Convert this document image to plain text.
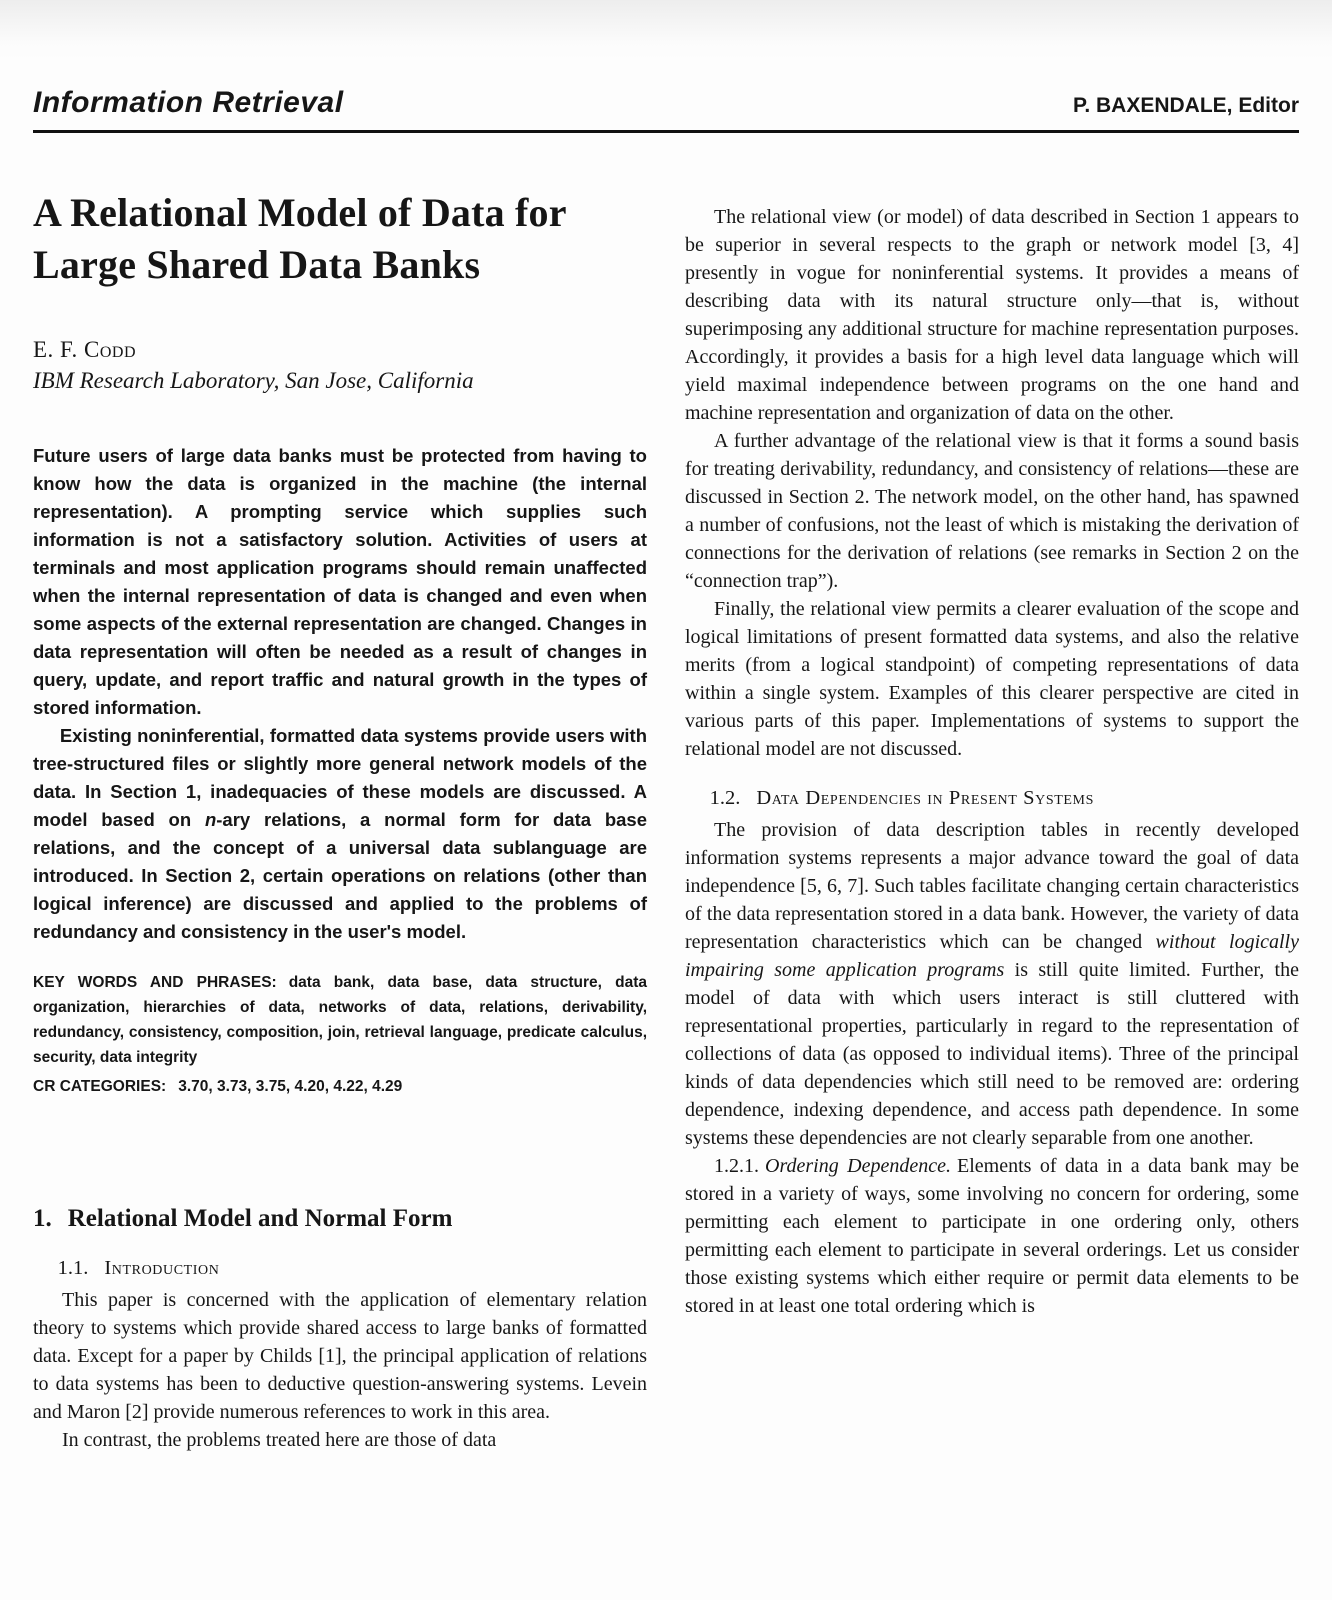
Information Retrieval	P. BAXENDALE, Editor
A Relational Model of Data for
Large Shared Data Banks
E. F. Codd
IBM Research Laboratory, San Jose, California

Future users of large data banks must be protected from having to know how the data is organized in the machine (the internal representation). A prompting service which supplies such information is not a satisfactory solution. Activities of users at terminals and most application programs should remain unaffected when the internal representation of data is changed and even when some aspects of the external representation are changed. Changes in data representation will often be needed as a result of changes in query, update, and report traffic and natural growth in the types of stored information.

Existing noninferential, formatted data systems provide users with tree-structured files or slightly more general network models of the data. In Section 1, inadequacies of these models are discussed. A model based on n-ary relations, a normal form for data base relations, and the concept of a universal data sublanguage are introduced. In Section 2, certain operations on relations (other than logical inference) are discussed and applied to the problems of redundancy and consistency in the user's model.

KEY WORDS AND PHRASES: data bank, data base, data structure, data organization, hierarchies of data, networks of data, relations, derivability, redundancy, consistency, composition, join, retrieval language, predicate calculus, security, data integrity

CR CATEGORIES: 3.70, 3.73, 3.75, 4.20, 4.22, 4.29

1. Relational Model and Normal Form
1.1. Introduction

This paper is concerned with the application of elementary relation theory to systems which provide shared access to large banks of formatted data. Except for a paper by Childs [1], the principal application of relations to data systems has been to deductive question-answering systems. Levein and Maron [2] provide numerous references to work in this area.

In contrast, the problems treated here are those of data

The relational view (or model) of data described in Section 1 appears to be superior in several respects to the graph or network model [3, 4] presently in vogue for noninferential systems. It provides a means of describing data with its natural structure only—that is, without superimposing any additional structure for machine representation purposes. Accordingly, it provides a basis for a high level data language which will yield maximal independence between programs on the one hand and machine representation and organization of data on the other.

A further advantage of the relational view is that it forms a sound basis for treating derivability, redundancy, and consistency of relations—these are discussed in Section 2. The network model, on the other hand, has spawned a number of confusions, not the least of which is mistaking the derivation of connections for the derivation of relations (see remarks in Section 2 on the “connection trap”).

Finally, the relational view permits a clearer evaluation of the scope and logical limitations of present formatted data systems, and also the relative merits (from a logical standpoint) of competing representations of data within a single system. Examples of this clearer perspective are cited in various parts of this paper. Implementations of systems to support the relational model are not discussed.

1.2. Data Dependencies in Present Systems

The provision of data description tables in recently developed information systems represents a major advance toward the goal of data independence [5, 6, 7]. Such tables facilitate changing certain characteristics of the data representation stored in a data bank. However, the variety of data representation characteristics which can be changed without logically impairing some application programs is still quite limited. Further, the model of data with which users interact is still cluttered with representational properties, particularly in regard to the representation of collections of data (as opposed to individual items). Three of the principal kinds of data dependencies which still need to be removed are: ordering dependence, indexing dependence, and access path dependence. In some systems these dependencies are not clearly separable from one another.

1.2.1. Ordering Dependence. Elements of data in a data bank may be stored in a variety of ways, some involving no concern for ordering, some permitting each element to participate in one ordering only, others permitting each element to participate in several orderings. Let us consider those existing systems which either require or permit data elements to be stored in at least one total ordering which is
